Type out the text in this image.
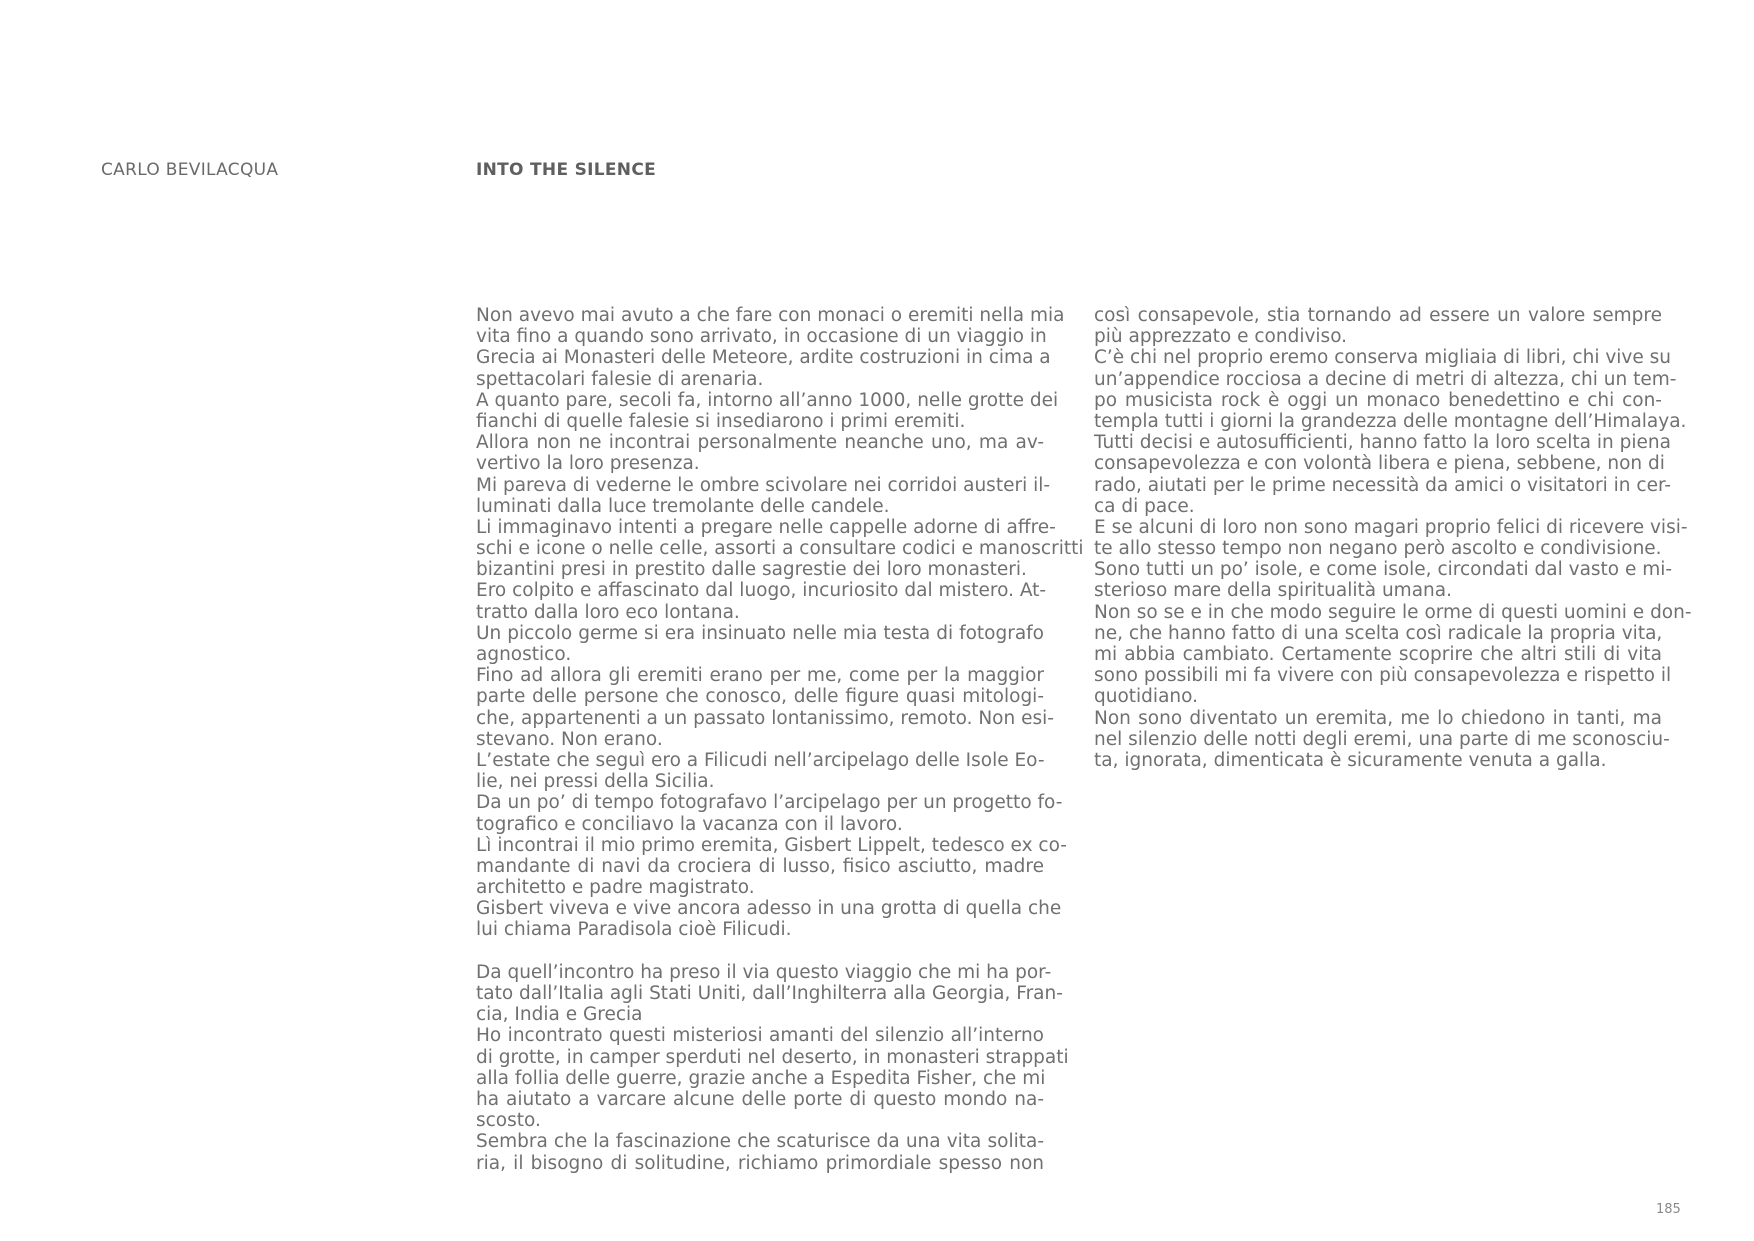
CARLO BEVILACQUA	INTO THE SILENCE
Non avevo mai avuto a che fare con monaci o eremiti nella mia
vita fino a quando sono arrivato, in occasione di un viaggio in
Grecia ai Monasteri delle Meteore, ardite costruzioni in cima a
spettacolari falesie di arenaria.
A quanto pare, secoli fa, intorno all’anno 1000, nelle grotte dei
fianchi di quelle falesie si insediarono i primi eremiti.
Allora non ne incontrai personalmente neanche uno, ma av-
vertivo la loro presenza.
Mi pareva di vederne le ombre scivolare nei corridoi austeri il-
luminati dalla luce tremolante delle candele.
Li immaginavo intenti a pregare nelle cappelle adorne di affre-
schi e icone o nelle celle, assorti a consultare codici e manoscritti
bizantini presi in prestito dalle sagrestie dei loro monasteri.
Ero colpito e affascinato dal luogo, incuriosito dal mistero. At-
tratto dalla loro eco lontana.
Un piccolo germe si era insinuato nelle mia testa di fotografo
agnostico.
Fino ad allora gli eremiti erano per me, come per la maggior
parte delle persone che conosco, delle figure quasi mitologi-
che, appartenenti a un passato lontanissimo, remoto. Non esi-
stevano. Non erano.
L’estate che seguì ero a Filicudi nell’arcipelago delle Isole Eo-
lie, nei pressi della Sicilia.
Da un po’ di tempo fotografavo l’arcipelago per un progetto fo-
tografico e conciliavo la vacanza con il lavoro.
Lì incontrai il mio primo eremita, Gisbert Lippelt, tedesco ex co-
mandante di navi da crociera di lusso, fisico asciutto, madre
architetto e padre magistrato.
Gisbert viveva e vive ancora adesso in una grotta di quella che
lui chiama Paradisola cioè Filicudi.
Da quell’incontro ha preso il via questo viaggio che mi ha por-
tato dall’Italia agli Stati Uniti, dall’Inghilterra alla Georgia, Fran-
cia, India e Grecia
Ho incontrato questi misteriosi amanti del silenzio all’interno
di grotte, in camper sperduti nel deserto, in monasteri strappati
alla follia delle guerre, grazie anche a Espedita Fisher, che mi
ha aiutato a varcare alcune delle porte di questo mondo na-
scosto.
Sembra che la fascinazione che scaturisce da una vita solita-
ria, il bisogno di solitudine, richiamo primordiale spesso non
così consapevole, stia tornando ad essere un valore sempre
più apprezzato e condiviso.
C’è chi nel proprio eremo conserva migliaia di libri, chi vive su
un’appendice rocciosa a decine di metri di altezza, chi un tem-
po musicista rock è oggi un monaco benedettino e chi con-
templa tutti i giorni la grandezza delle montagne dell’Himalaya.
Tutti decisi e autosufficienti, hanno fatto la loro scelta in piena
consapevolezza e con volontà libera e piena, sebbene, non di
rado, aiutati per le prime necessità da amici o visitatori in cer-
ca di pace.
E se alcuni di loro non sono magari proprio felici di ricevere visi-
te allo stesso tempo non negano però ascolto e condivisione.
Sono tutti un po’ isole, e come isole, circondati dal vasto e mi-
sterioso mare della spiritualità umana.
Non so se e in che modo seguire le orme di questi uomini e don-
ne, che hanno fatto di una scelta così radicale la propria vita,
mi abbia cambiato. Certamente scoprire che altri stili di vita
sono possibili mi fa vivere con più consapevolezza e rispetto il
quotidiano.
Non sono diventato un eremita, me lo chiedono in tanti, ma
nel silenzio delle notti degli eremi, una parte di me sconosciu-
ta, ignorata, dimenticata è sicuramente venuta a galla.
185
